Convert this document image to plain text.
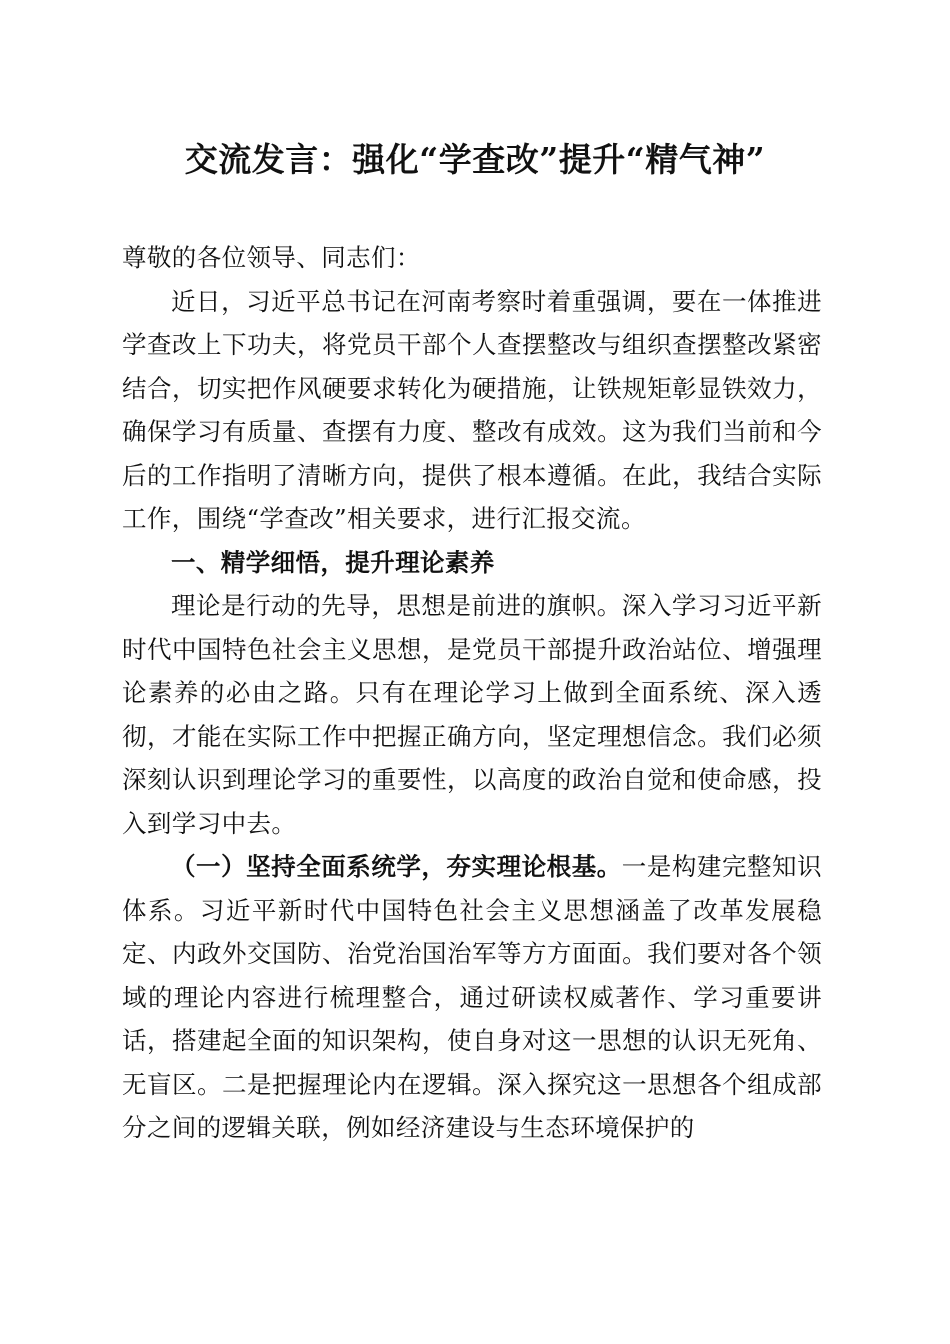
交流发言：强化“学查改”提升“精气神”

尊敬的各位领导、同志们：

近日，习近平总书记在河南考察时着重强调，要在一体推进学查改上下功夫，将党员干部个人查摆整改与组织查摆整改紧密结合，切实把作风硬要求转化为硬措施，让铁规矩彰显铁效力，确保学习有质量、查摆有力度、整改有成效。这为我们当前和今后的工作指明了清晰方向，提供了根本遵循。在此，我结合实际工作，围绕“学查改”相关要求，进行汇报交流。

一、精学细悟，提升理论素养

理论是行动的先导，思想是前进的旗帜。深入学习习近平新时代中国特色社会主义思想，是党员干部提升政治站位、增强理论素养的必由之路。只有在理论学习上做到全面系统、深入透彻，才能在实际工作中把握正确方向，坚定理想信念。我们必须深刻认识到理论学习的重要性，以高度的政治自觉和使命感，投入到学习中去。

（一）坚持全面系统学，夯实理论根基。一是构建完整知识体系。习近平新时代中国特色社会主义思想涵盖了改革发展稳定、内政外交国防、治党治国治军等方方面面。我们要对各个领域的理论内容进行梳理整合，通过研读权威著作、学习重要讲话，搭建起全面的知识架构，使自身对这一思想的认识无死角、无盲区。二是把握理论内在逻辑。深入探究这一思想各个组成部分之间的逻辑关联，例如经济建设与生态环境保护的
